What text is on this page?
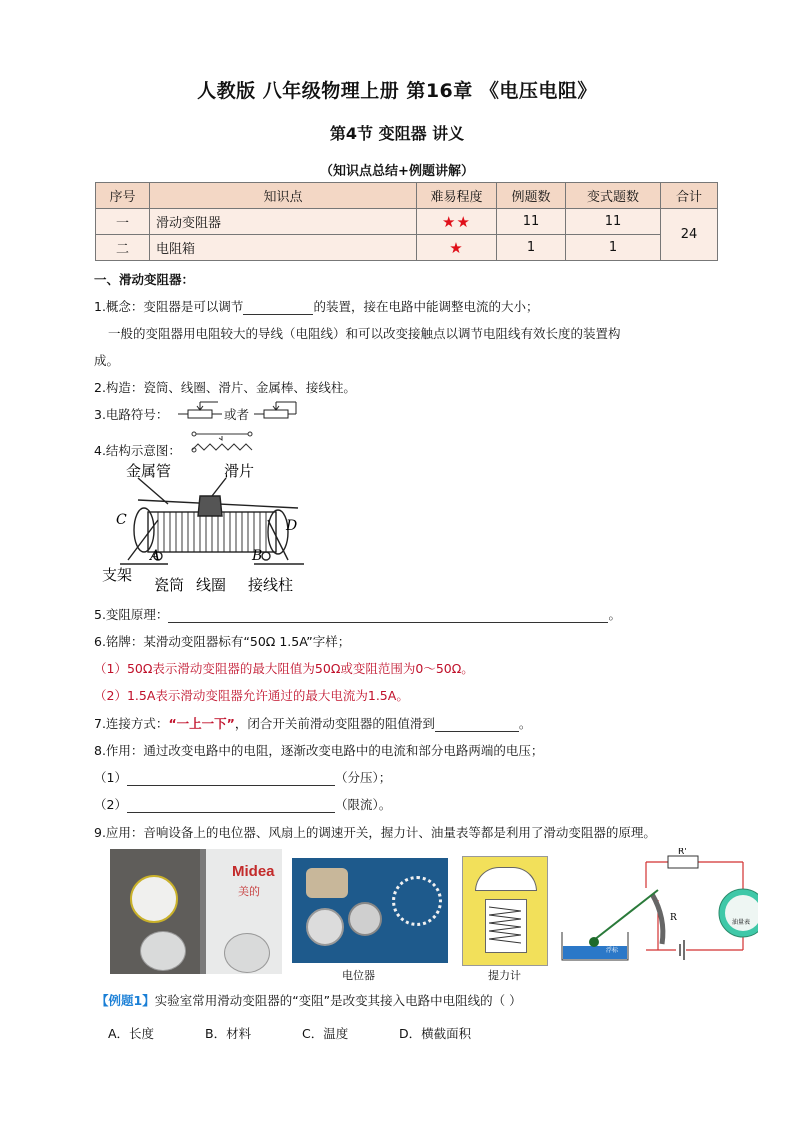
人教版 八年级物理上册 第16章 《电压电阻》
第4节 变阻器 讲义
（知识点总结+例题讲解）
序号	知识点	难易程度	例题数	变式题数	合计
一	滑动变阻器	★★	11	11	24
二	电阻箱	★	1	1	
一、滑动变阻器：
1.概念：变阻器是可以调节	的装置，接在电路中能调整电流的大小；
一般的变阻器用电阻较大的导线（电阻线）和可以改变接触点以调节电阻线有效长度的装置构
成。
2.构造：瓷筒、线圈、滑片、金属棒、接线柱。
3.电路符号：	或者
4.结构示意图：
金属管	滑片
C	D
A	B
支架
瓷筒 线圈 接线柱
5.变阻原理：	。
6.铭牌：某滑动变阻器标有“50Ω 1.5A”字样；
（1）50Ω表示滑动变阻器的最大阻值为50Ω或变阻范围为0～50Ω。
（2）1.5A表示滑动变阻器允许通过的最大电流为1.5A。
7.连接方式：“一上一下”，闭合开关前滑动变阻器的阻值滑到	。
8.作用：通过改变电路中的电阻，逐渐改变电路中的电流和部分电路两端的电压；
（1）	（分压）；
（2）	（限流）。
9.应用：音响设备上的电位器、风扇上的调速开关，握力计、油量表等都是利用了滑动变阻器的原理。
Midea
美的
电位器	提力计
R'
油量表
R
浮标
【例题1】实验室常用滑动变阻器的“变阻”是改变其接入电路中电阻线的（ ）
A．长度	B．材料	C．温度	D．横截面积
